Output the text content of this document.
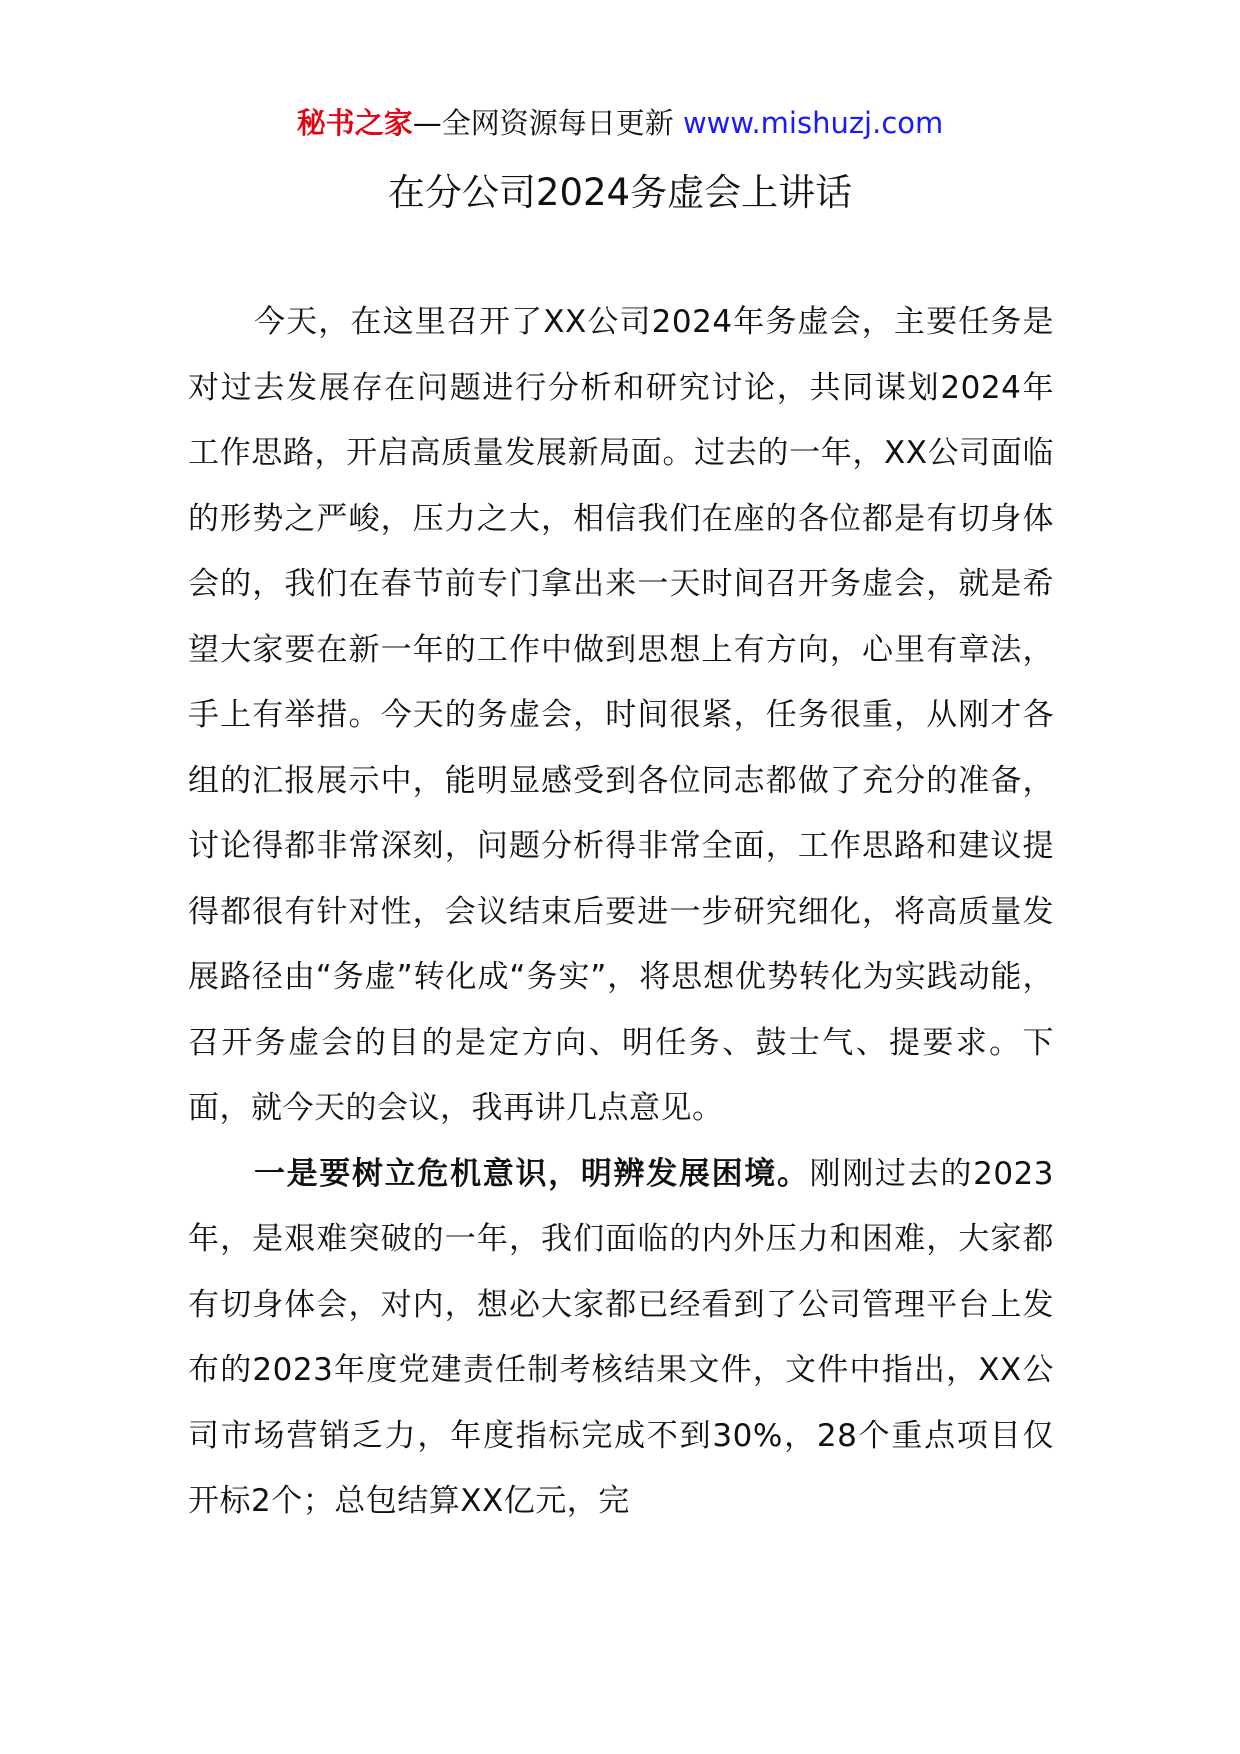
秘书之家—全网资源每日更新 www.mishuzj.com
在分公司2024务虚会上讲话

今天，在这里召开了XX公司2024年务虚会，主要任务是对过去发展存在问题进行分析和研究讨论，共同谋划2024年工作思路，开启高质量发展新局面。过去的一年，XX公司面临的形势之严峻，压力之大，相信我们在座的各位都是有切身体会的，我们在春节前专门拿出来一天时间召开务虚会，就是希望大家要在新一年的工作中做到思想上有方向，心里有章法，手上有举措。今天的务虚会，时间很紧，任务很重，从刚才各组的汇报展示中，能明显感受到各位同志都做了充分的准备，讨论得都非常深刻，问题分析得非常全面，工作思路和建议提得都很有针对性，会议结束后要进一步研究细化，将高质量发展路径由“务虚”转化成“务实”，将思想优势转化为实践动能，召开务虚会的目的是定方向、明任务、鼓士气、提要求。下面，就今天的会议，我再讲几点意见。

一是要树立危机意识，明辨发展困境。刚刚过去的2023年，是艰难突破的一年，我们面临的内外压力和困难，大家都有切身体会，对内，想必大家都已经看到了公司管理平台上发布的2023年度党建责任制考核结果文件，文件中指出，XX公司市场营销乏力，年度指标完成不到30%，28个重点项目仅开标2个；总包结算XX亿元，完
